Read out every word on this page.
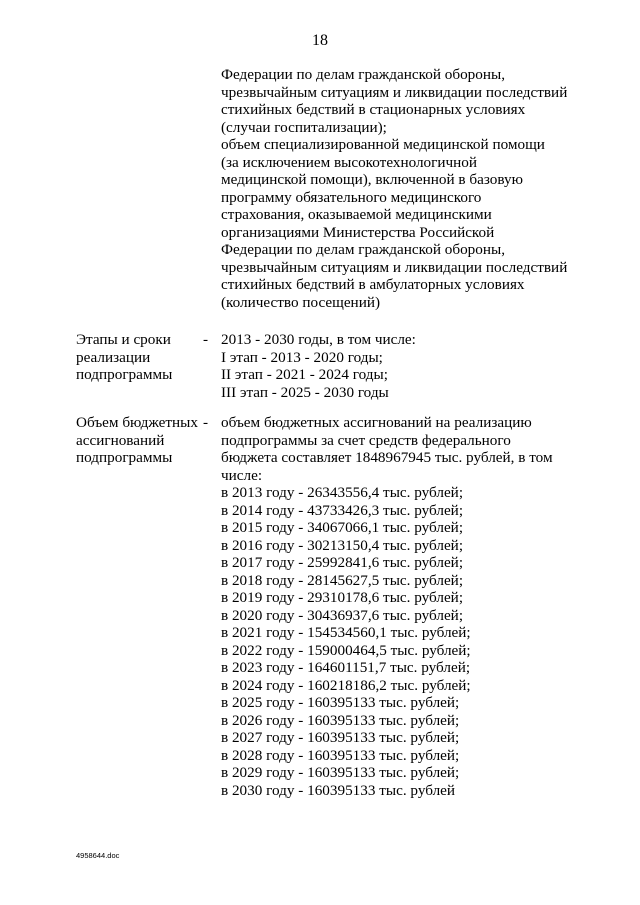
18
Федерации по делам гражданской обороны,
чрезвычайным ситуациям и ликвидации последствий
стихийных бедствий в стационарных условиях
(случаи госпитализации);
объем специализированной медицинской помощи
(за исключением высокотехнологичной
медицинской помощи), включенной в базовую
программу обязательного медицинского
страхования, оказываемой медицинскими
организациями Министерства Российской
Федерации по делам гражданской обороны,
чрезвычайным ситуациям и ликвидации последствий
стихийных бедствий в амбулаторных условиях
(количество посещений)
Этапы и сроки
реализации
подпрограммы
- 2013 - 2030 годы, в том числе:
I этап - 2013 - 2020 годы;
II этап - 2021 - 2024 годы;
III этап - 2025 - 2030 годы
Объем бюджетных
ассигнований
подпрограммы
- объем бюджетных ассигнований на реализацию
подпрограммы за счет средств федерального
бюджета составляет 1848967945 тыс. рублей, в том
числе:
в 2013 году - 26343556,4 тыс. рублей;
в 2014 году - 43733426,3 тыс. рублей;
в 2015 году - 34067066,1 тыс. рублей;
в 2016 году - 30213150,4 тыс. рублей;
в 2017 году - 25992841,6 тыс. рублей;
в 2018 году - 28145627,5 тыс. рублей;
в 2019 году - 29310178,6 тыс. рублей;
в 2020 году - 30436937,6 тыс. рублей;
в 2021 году - 154534560,1 тыс. рублей;
в 2022 году - 159000464,5 тыс. рублей;
в 2023 году - 164601151,7 тыс. рублей;
в 2024 году - 160218186,2 тыс. рублей;
в 2025 году - 160395133 тыс. рублей;
в 2026 году - 160395133 тыс. рублей;
в 2027 году - 160395133 тыс. рублей;
в 2028 году - 160395133 тыс. рублей;
в 2029 году - 160395133 тыс. рублей;
в 2030 году - 160395133 тыс. рублей
4958644.doc
